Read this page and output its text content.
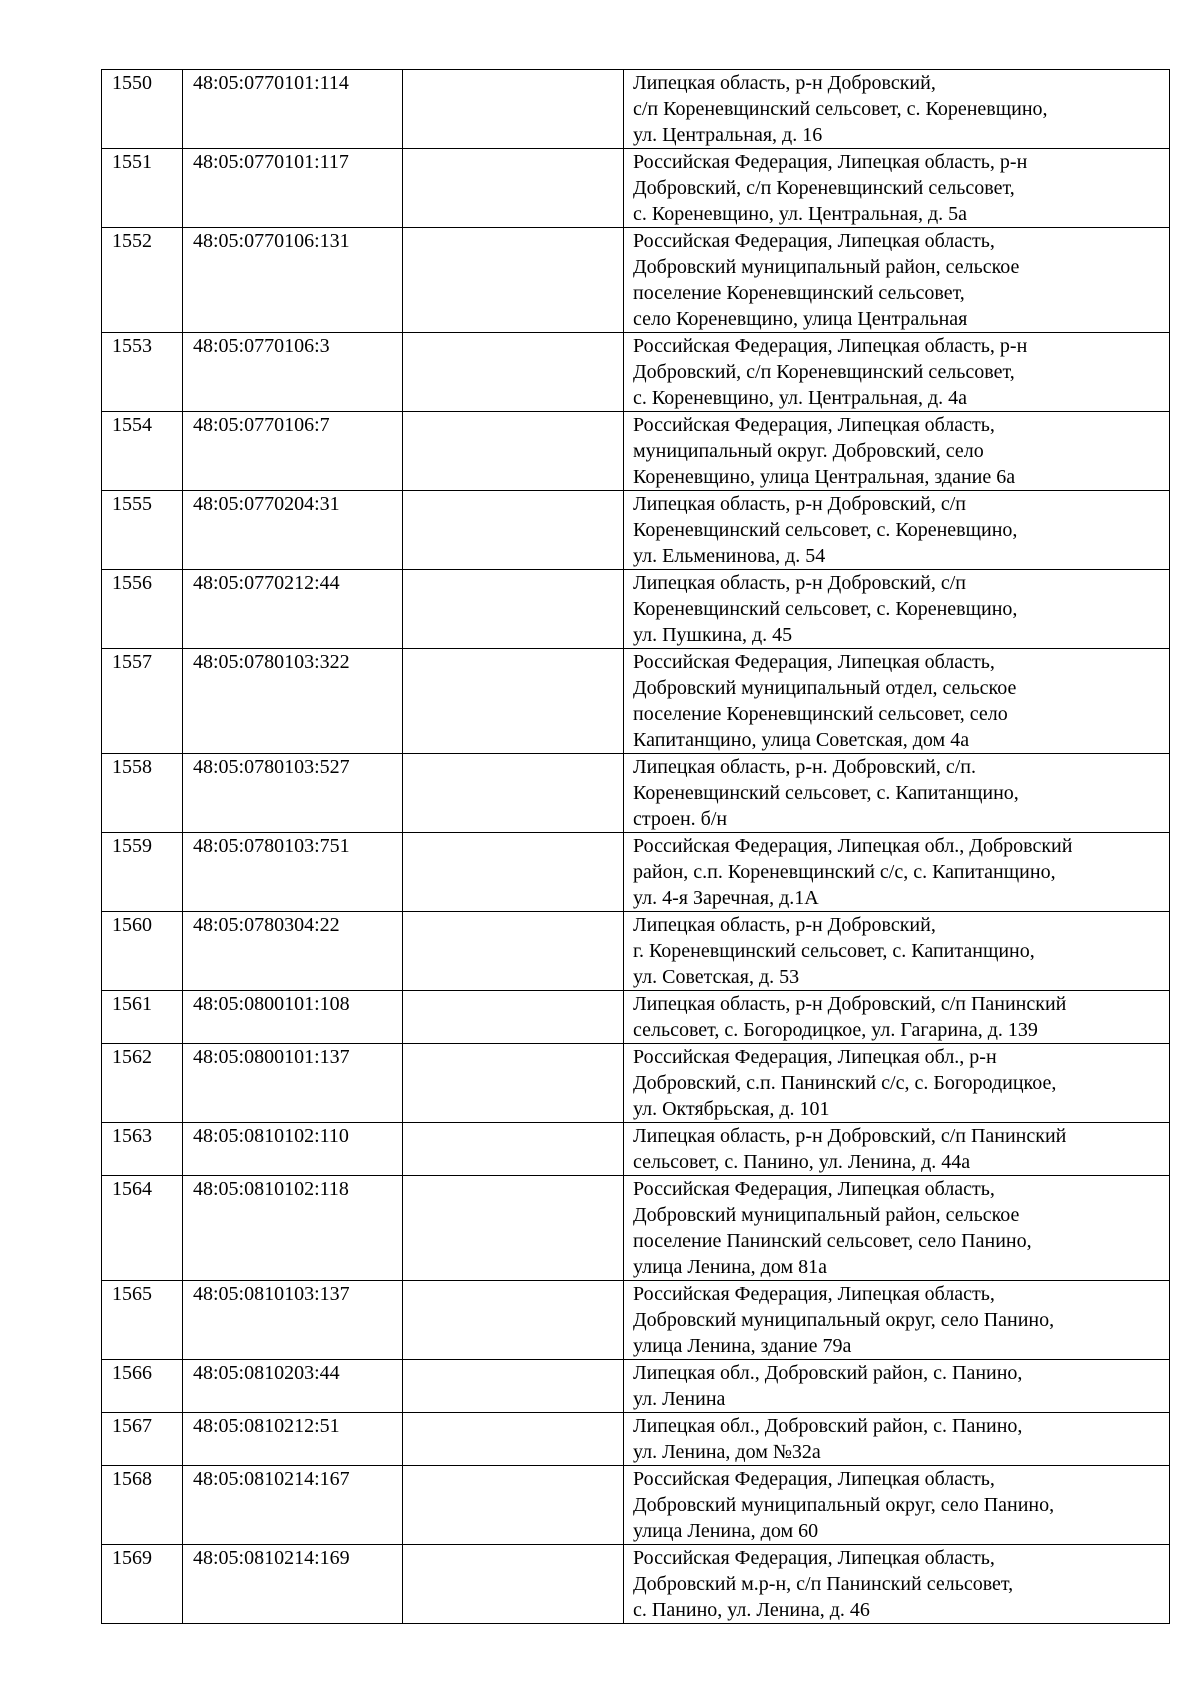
1550	48:05:0770101:114		Липецкая область, р-н Добровский,
с/п Кореневщинский сельсовет, с. Кореневщино,
ул. Центральная, д. 16

1551	48:05:0770101:117		Российская Федерация, Липецкая область, р-н
Добровский, с/п Кореневщинский сельсовет,
с. Кореневщино, ул. Центральная, д. 5а

1552	48:05:0770106:131		Российская Федерация, Липецкая область,
Добровский муниципальный район, сельское
поселение Кореневщинский сельсовет,
село Кореневщино, улица Центральная

1553	48:05:0770106:3		Российская Федерация, Липецкая область, р-н
Добровский, с/п Кореневщинский сельсовет,
с. Кореневщино, ул. Центральная, д. 4а

1554	48:05:0770106:7		Российская Федерация, Липецкая область,
муниципальный округ. Добровский, село
Кореневщино, улица Центральная, здание 6а

1555	48:05:0770204:31		Липецкая область, р-н Добровский, с/п
Кореневщинский сельсовет, с. Кореневщино,
ул. Ельменинова, д. 54

1556	48:05:0770212:44		Липецкая область, р-н Добровский, с/п
Кореневщинский сельсовет, с. Кореневщино,
ул. Пушкина, д. 45

1557	48:05:0780103:322		Российская Федерация, Липецкая область,
Добровский муниципальный отдел, сельское
поселение Кореневщинский сельсовет, село
Капитанщино, улица Советская, дом 4а

1558	48:05:0780103:527		Липецкая область, р-н. Добровский, с/п.
Кореневщинский сельсовет, с. Капитанщино,
строен. б/н

1559	48:05:0780103:751		Российская Федерация, Липецкая обл., Добровский
район, с.п. Кореневщинский с/с, с. Капитанщино,
ул. 4-я Заречная, д.1А

1560	48:05:0780304:22		Липецкая область, р-н Добровский,
г. Кореневщинский сельсовет, с. Капитанщино,
ул. Советская, д. 53

1561	48:05:0800101:108		Липецкая область, р-н Добровский, с/п Панинский
сельсовет, с. Богородицкое, ул. Гагарина, д. 139

1562	48:05:0800101:137		Российская Федерация, Липецкая обл., р-н
Добровский, с.п. Панинский с/с, с. Богородицкое,
ул. Октябрьская, д. 101

1563	48:05:0810102:110		Липецкая область, р-н Добровский, с/п Панинский
сельсовет, с. Панино, ул. Ленина, д. 44а

1564	48:05:0810102:118		Российская Федерация, Липецкая область,
Добровский муниципальный район, сельское
поселение Панинский сельсовет, село Панино,
улица Ленина, дом 81а

1565	48:05:0810103:137		Российская Федерация, Липецкая область,
Добровский муниципальный округ, село Панино,
улица Ленина, здание 79а

1566	48:05:0810203:44		Липецкая обл., Добровский район, с. Панино,
ул. Ленина

1567	48:05:0810212:51		Липецкая обл., Добровский район, с. Панино,
ул. Ленина, дом №32а

1568	48:05:0810214:167		Российская Федерация, Липецкая область,
Добровский муниципальный округ, село Панино,
улица Ленина, дом 60

1569	48:05:0810214:169		Российская Федерация, Липецкая область,
Добровский м.р-н, с/п Панинский сельсовет,
с. Панино, ул. Ленина, д. 46
